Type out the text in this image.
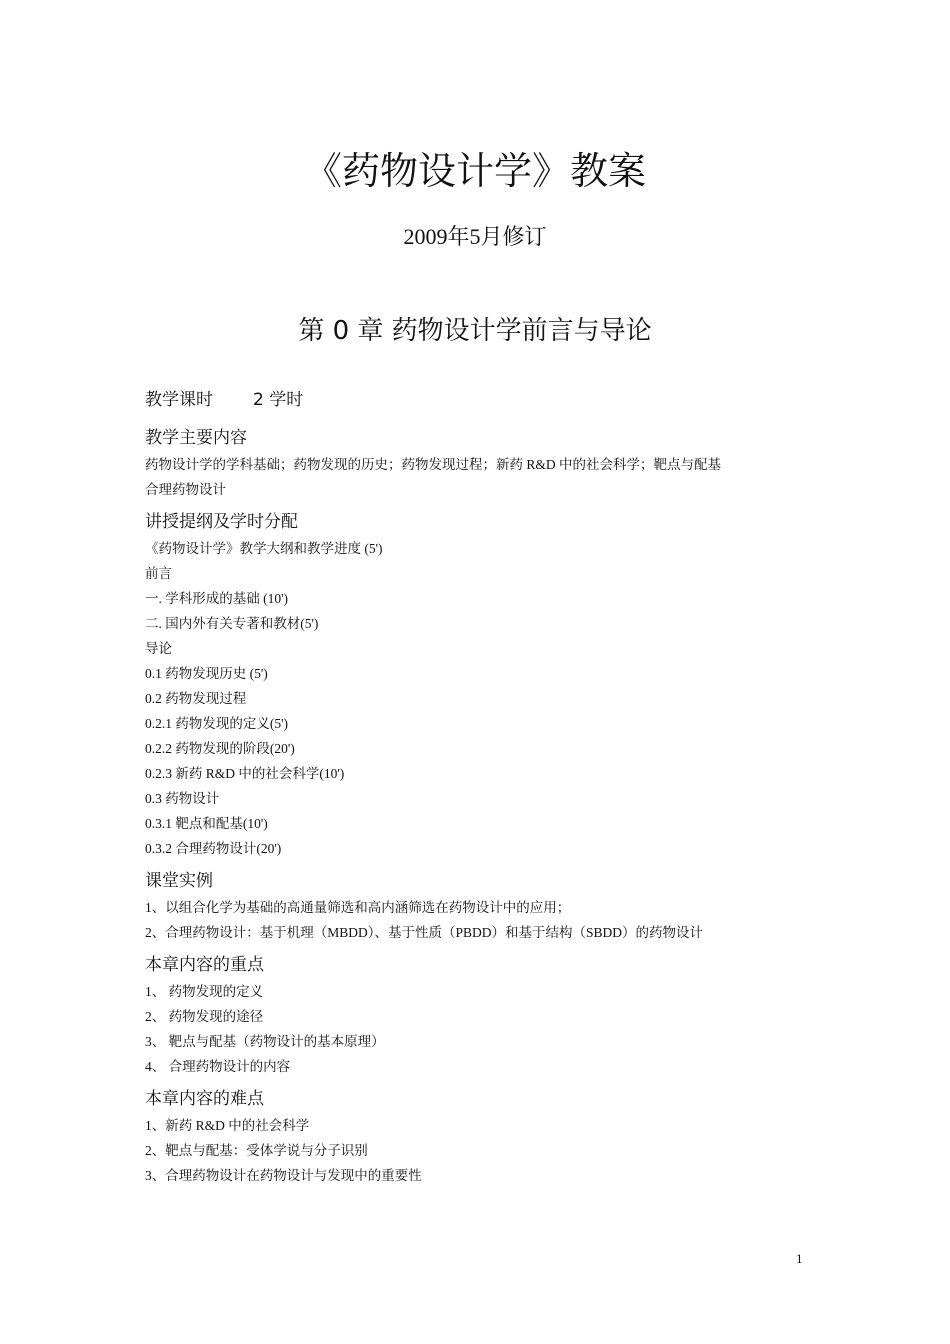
《药物设计学》教案
2009年5月修订
第 0 章 药物设计学前言与导论
教学课时 2 学时
教学主要内容
药物设计学的学科基础；药物发现的历史；药物发现过程；新药 R&D 中的社会科学；靶点与配基
合理药物设计
讲授提纲及学时分配
《药物设计学》教学大纲和教学进度 (5')
前言
一. 学科形成的基础 (10')
二. 国内外有关专著和教材(5')
导论
0.1 药物发现历史 (5')
0.2 药物发现过程
0.2.1 药物发现的定义(5')
0.2.2 药物发现的阶段(20')
0.2.3 新药 R&D 中的社会科学(10')
0.3 药物设计
0.3.1 靶点和配基(10')
0.3.2 合理药物设计(20')
课堂实例
1、以组合化学为基础的高通量筛选和高内涵筛选在药物设计中的应用；
2、合理药物设计：基于机理（MBDD）、基于性质（PBDD）和基于结构（SBDD）的药物设计
本章内容的重点
1、 药物发现的定义
2、 药物发现的途径
3、 靶点与配基（药物设计的基本原理）
4、 合理药物设计的内容
本章内容的难点
1、新药 R&D 中的社会科学
2、靶点与配基：受体学说与分子识别
3、合理药物设计在药物设计与发现中的重要性
1
